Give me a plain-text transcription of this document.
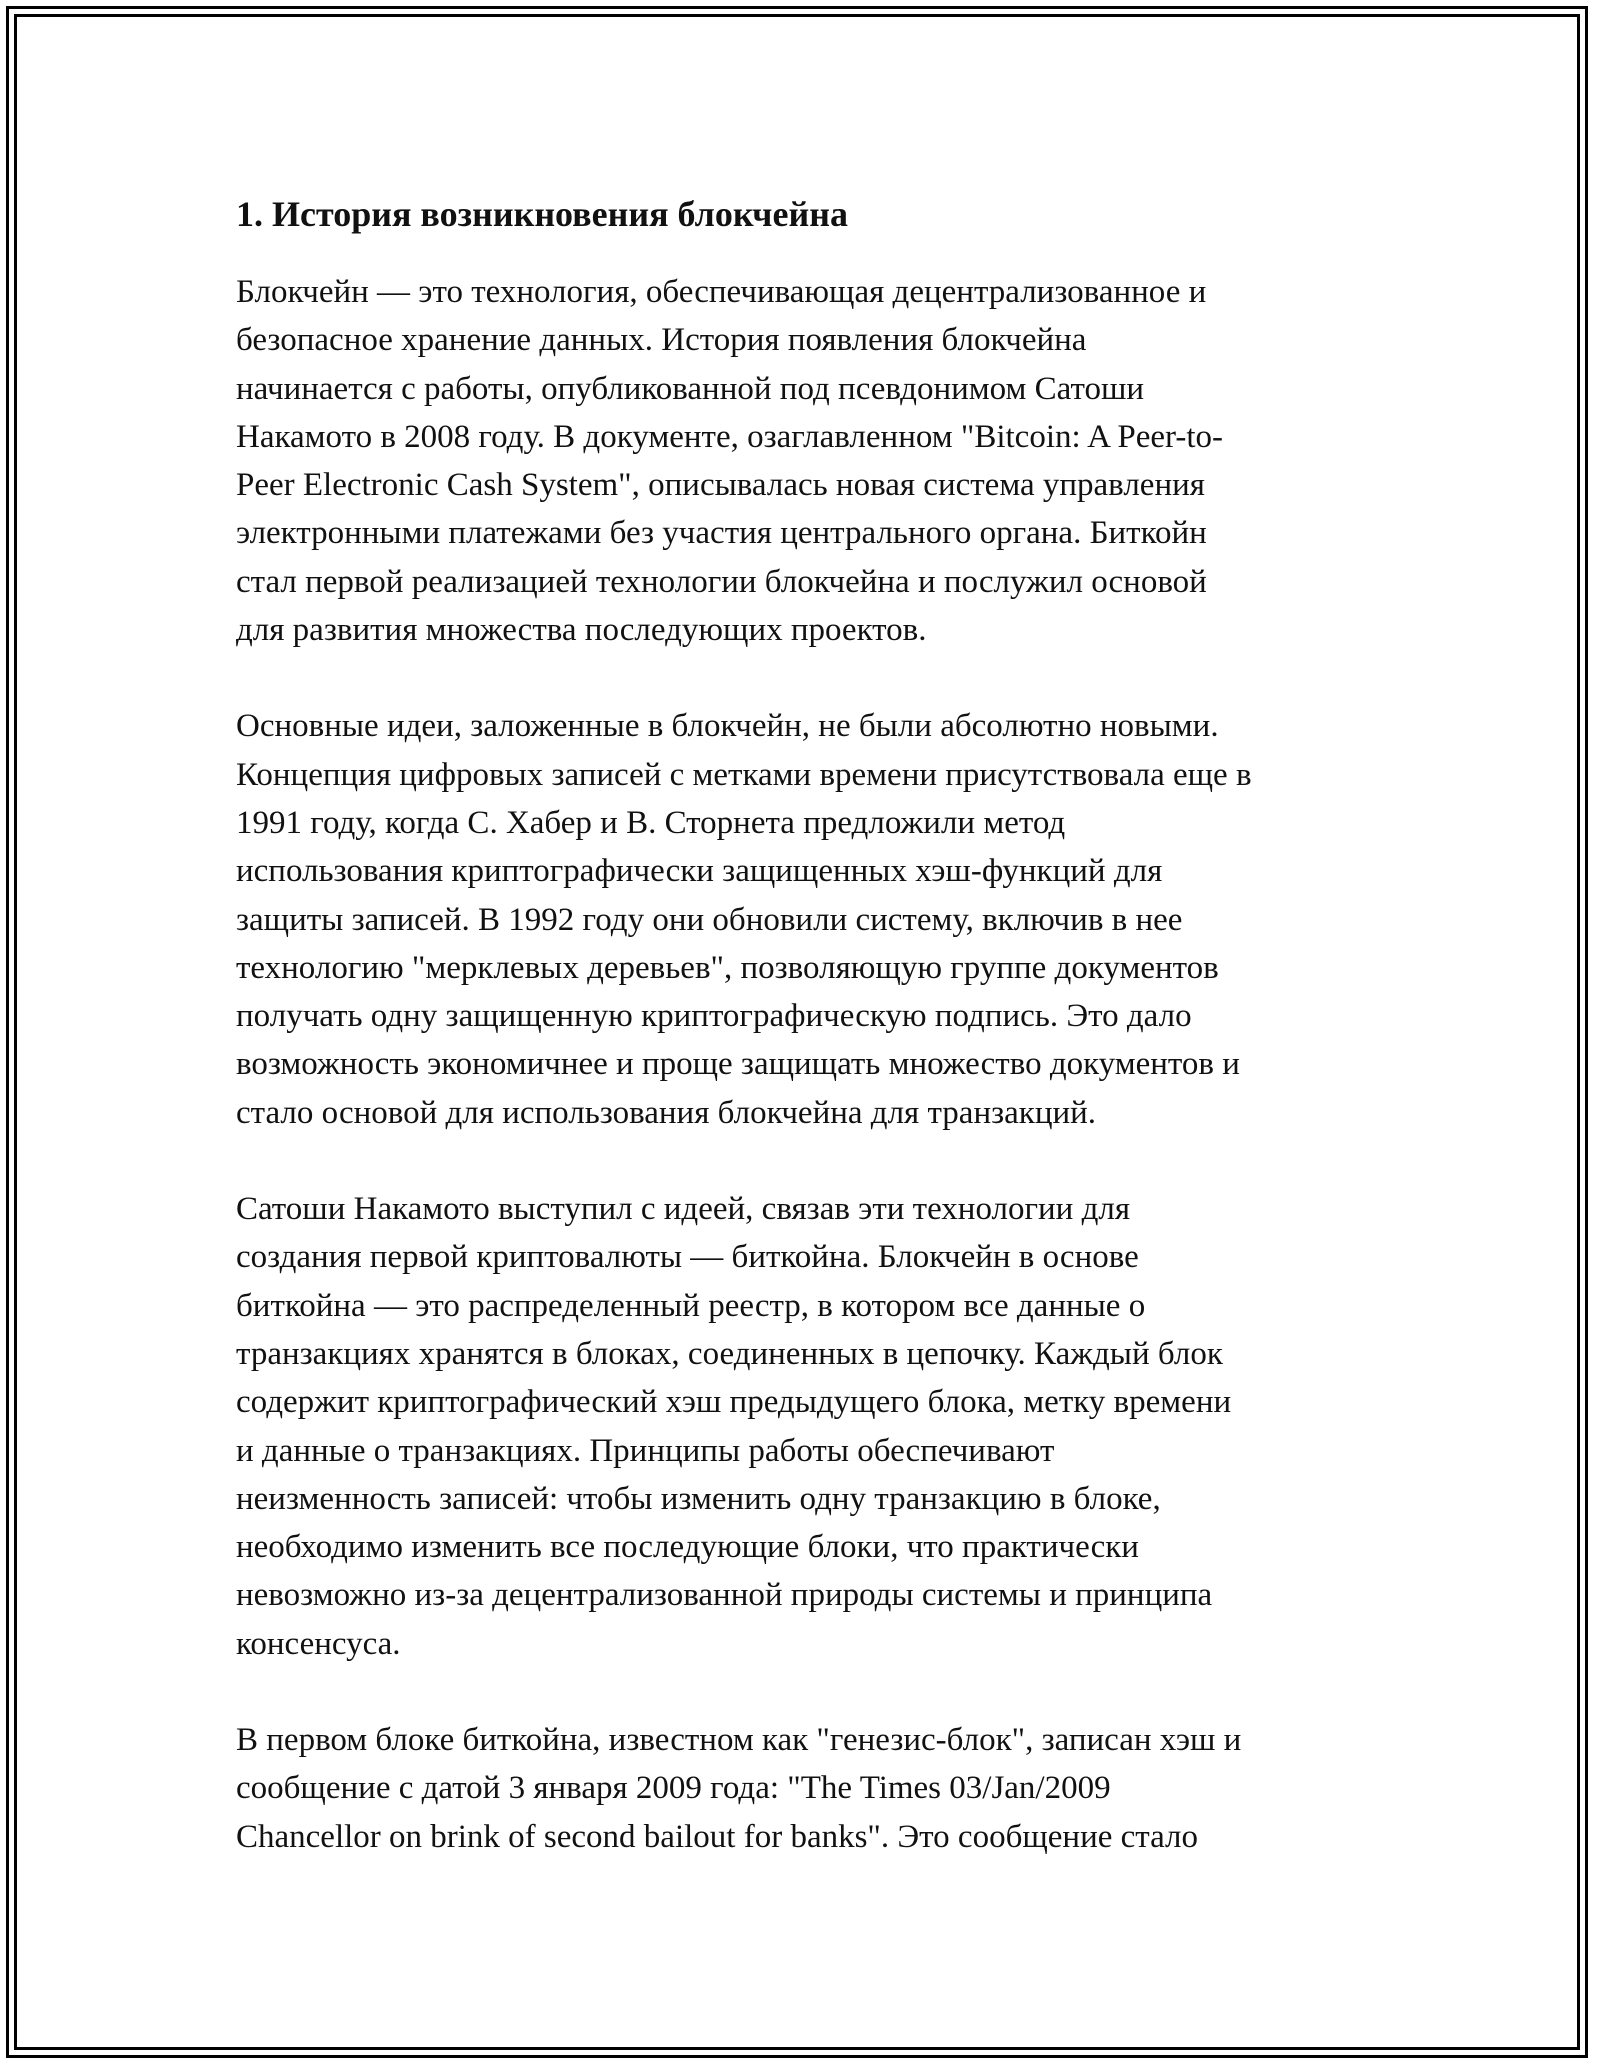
1. История возникновения блокчейна

Блокчейн — это технология, обеспечивающая децентрализованное и
безопасное хранение данных. История появления блокчейна
начинается с работы, опубликованной под псевдонимом Сатоши
Накамото в 2008 году. В документе, озаглавленном "Bitcoin: A Peer-to-
Peer Electronic Cash System", описывалась новая система управления
электронными платежами без участия центрального органа. Биткойн
стал первой реализацией технологии блокчейна и послужил основой
для развития множества последующих проектов.

Основные идеи, заложенные в блокчейн, не были абсолютно новыми.
Концепция цифровых записей с метками времени присутствовала еще в
1991 году, когда С. Хабер и В. Сторнета предложили метод
использования криптографически защищенных хэш-функций для
защиты записей. В 1992 году они обновили систему, включив в нее
технологию "мерклевых деревьев", позволяющую группе документов
получать одну защищенную криптографическую подпись. Это дало
возможность экономичнее и проще защищать множество документов и
стало основой для использования блокчейна для транзакций.

Сатоши Накамото выступил с идеей, связав эти технологии для
создания первой криптовалюты — биткойна. Блокчейн в основе
биткойна — это распределенный реестр, в котором все данные о
транзакциях хранятся в блоках, соединенных в цепочку. Каждый блок
содержит криптографический хэш предыдущего блока, метку времени
и данные о транзакциях. Принципы работы обеспечивают
неизменность записей: чтобы изменить одну транзакцию в блоке,
необходимо изменить все последующие блоки, что практически
невозможно из-за децентрализованной природы системы и принципа
консенсуса.

В первом блоке биткойна, известном как "генезис-блок", записан хэш и
сообщение с датой 3 января 2009 года: "The Times 03/Jan/2009
Chancellor on brink of second bailout for banks". Это сообщение стало
